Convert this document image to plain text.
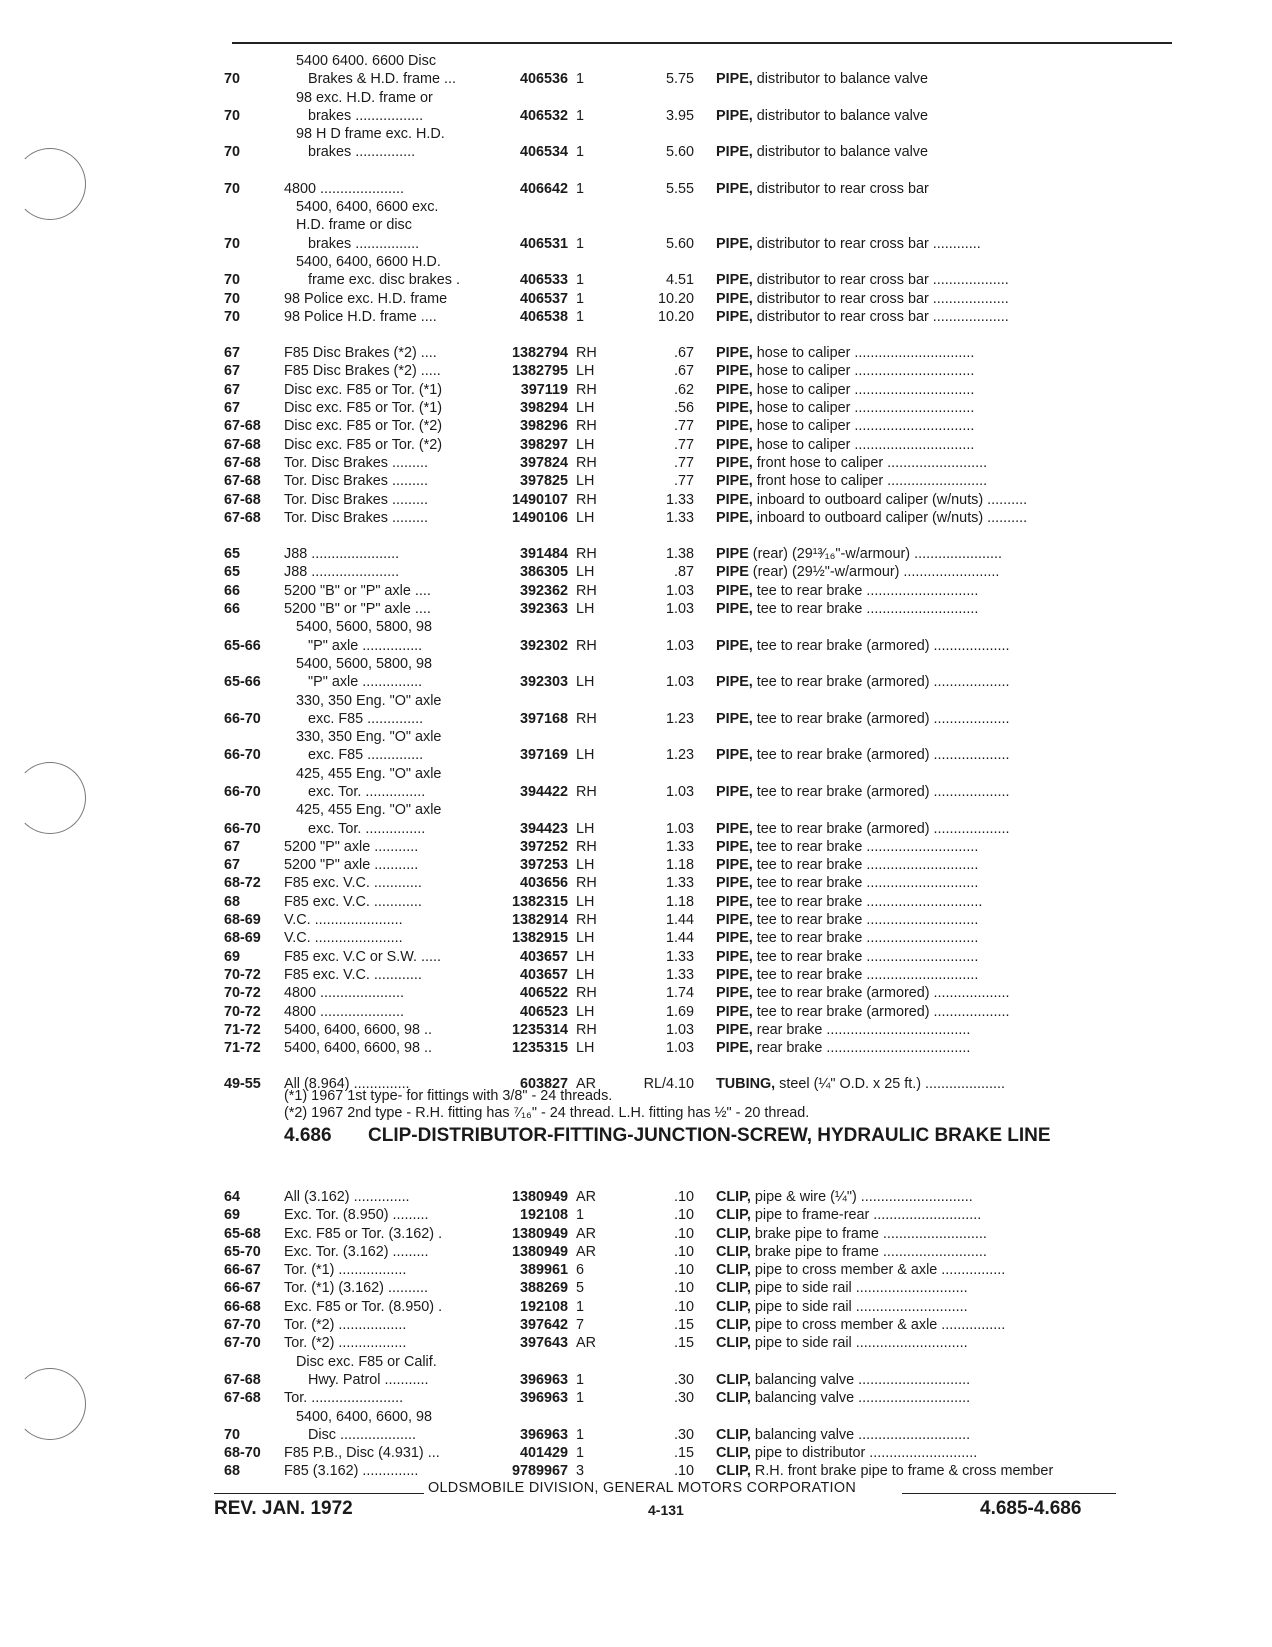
5400 6400. 6600 Disc
70	Brakes & H.D. frame ...	406536 1	5.75 PIPE, distributor to balance valve
98 exc. H.D. frame or
70	brakes .................	406532 1	3.95 PIPE, distributor to balance valve
98 H D frame exc. H.D.
70	brakes ...............	406534 1	5.60 PIPE, distributor to balance valve
70	4800 .....................	406642 1	5.55 PIPE, distributor to rear cross bar
5400, 6400, 6600 exc.
H.D. frame or disc
70	brakes ................	406531 1	5.60 PIPE, distributor to rear cross bar ............
5400, 6400, 6600 H.D.
70	frame exc. disc brakes .	406533 1	4.51 PIPE, distributor to rear cross bar ...................
70	98 Police exc. H.D. frame	406537 1	10.20 PIPE, distributor to rear cross bar ...................
70	98 Police H.D. frame ....	406538 1	10.20 PIPE, distributor to rear cross bar ...................
67	F85 Disc Brakes (*2) ....	1382794 RH	.67 PIPE, hose to caliper ..............................
67	F85 Disc Brakes (*2) .....	1382795 LH	.67 PIPE, hose to caliper ..............................
67	Disc exc. F85 or Tor. (*1)	397119 RH	.62 PIPE, hose to caliper ..............................
67	Disc exc. F85 or Tor. (*1)	398294 LH	.56 PIPE, hose to caliper ..............................
67-68 Disc exc. F85 or Tor. (*2)	398296 RH	.77 PIPE, hose to caliper ..............................
67-68 Disc exc. F85 or Tor. (*2)	398297 LH	.77 PIPE, hose to caliper ..............................
67-68 Tor. Disc Brakes .........	397824 RH	.77 PIPE, front hose to caliper .........................
67-68 Tor. Disc Brakes .........	397825 LH	.77 PIPE, front hose to caliper .........................
67-68 Tor. Disc Brakes .........	1490107 RH	1.33 PIPE, inboard to outboard caliper (w/nuts) ..........
67-68 Tor. Disc Brakes .........	1490106 LH	1.33 PIPE, inboard to outboard caliper (w/nuts) ..........
65	J88 ......................	391484 RH	1.38 PIPE (rear) (29¹³⁄₁₆"-w/armour) ......................
65	J88 ......................	386305 LH	.87 PIPE (rear) (29½"-w/armour) ........................
66	5200 "B" or "P" axle ....	392362 RH	1.03 PIPE, tee to rear brake ............................
66	5200 "B" or "P" axle ....	392363 LH	1.03 PIPE, tee to rear brake ............................
5400, 5600, 5800, 98
65-66	"P" axle ...............	392302 RH	1.03 PIPE, tee to rear brake (armored) ...................
5400, 5600, 5800, 98
65-66	"P" axle ...............	392303 LH	1.03 PIPE, tee to rear brake (armored) ...................
330, 350 Eng. "O" axle
66-70	exc. F85 ..............	397168 RH	1.23 PIPE, tee to rear brake (armored) ...................
330, 350 Eng. "O" axle
66-70	exc. F85 ..............	397169 LH	1.23 PIPE, tee to rear brake (armored) ...................
425, 455 Eng. "O" axle
66-70	exc. Tor. ...............	394422 RH	1.03 PIPE, tee to rear brake (armored) ...................
425, 455 Eng. "O" axle
66-70	exc. Tor. ...............	394423 LH	1.03 PIPE, tee to rear brake (armored) ...................
67	5200 "P" axle ...........	397252 RH	1.33 PIPE, tee to rear brake ............................
67	5200 "P" axle ...........	397253 LH	1.18 PIPE, tee to rear brake ............................
68-72 F85 exc. V.C. ............	403656 RH	1.33 PIPE, tee to rear brake ............................
68	F85 exc. V.C. ............	1382315 LH	1.18 PIPE, tee to rear brake .............................
68-69 V.C. ......................	1382914 RH	1.44 PIPE, tee to rear brake ............................
68-69 V.C. ......................	1382915 LH	1.44 PIPE, tee to rear brake ............................
69	F85 exc. V.C or S.W. .....	403657 LH	1.33 PIPE, tee to rear brake ............................
70-72 F85 exc. V.C. ............	403657 LH	1.33 PIPE, tee to rear brake ............................
70-72 4800 .....................	406522 RH	1.74 PIPE, tee to rear brake (armored) ...................
70-72 4800 .....................	406523 LH	1.69 PIPE, tee to rear brake (armored) ...................
71-72 5400, 6400, 6600, 98 ..	1235314 RH	1.03 PIPE, rear brake ....................................
71-72 5400, 6400, 6600, 98 ..	1235315 LH	1.03 PIPE, rear brake ....................................
49-55 All (8.964) ..............	603827 AR	RL/4.10 TUBING, steel (¼" O.D. x 25 ft.) ....................
(*1) 1967 1st type- for fittings with 3/8" - 24 threads.
(*2) 1967 2nd type - R.H. fitting has ⁷⁄₁₆" - 24 thread. L.H. fitting has ½" - 20 thread.
4.686 CLIP-DISTRIBUTOR-FITTING-JUNCTION-SCREW, HYDRAULIC BRAKE LINE
64	All (3.162) ..............	1380949 AR	.10 CLIP, pipe & wire (¼") ............................
69	Exc. Tor. (8.950) .........	192108 1	.10 CLIP, pipe to frame-rear ...........................
65-68 Exc. F85 or Tor. (3.162) .	1380949 AR	.10 CLIP, brake pipe to frame ..........................
65-70 Exc. Tor. (3.162) .........	1380949 AR	.10 CLIP, brake pipe to frame ..........................
66-67 Tor. (*1) .................	389961 6	.10 CLIP, pipe to cross member & axle ................
66-67 Tor. (*1) (3.162) ..........	388269 5	.10 CLIP, pipe to side rail ............................
66-68 Exc. F85 or Tor. (8.950) .	192108 1	.10 CLIP, pipe to side rail ............................
67-70 Tor. (*2) .................	397642 7	.15 CLIP, pipe to cross member & axle ................
67-70 Tor. (*2) .................	397643 AR	.15 CLIP, pipe to side rail ............................
Disc exc. F85 or Calif.
67-68	Hwy. Patrol ...........	396963 1	.30 CLIP, balancing valve ............................
67-68 Tor. .......................	396963 1	.30 CLIP, balancing valve ............................
5400, 6400, 6600, 98
70	Disc ...................	396963 1	.30 CLIP, balancing valve ............................
68-70 F85 P.B., Disc (4.931) ...	401429 1	.15 CLIP, pipe to distributor ...........................
68	F85 (3.162) ..............	9789967 3	.10 CLIP, R.H. front brake pipe to frame & cross member
OLDSMOBILE DIVISION, GENERAL MOTORS CORPORATION
REV. JAN. 1972	4-131	4.685-4.686
